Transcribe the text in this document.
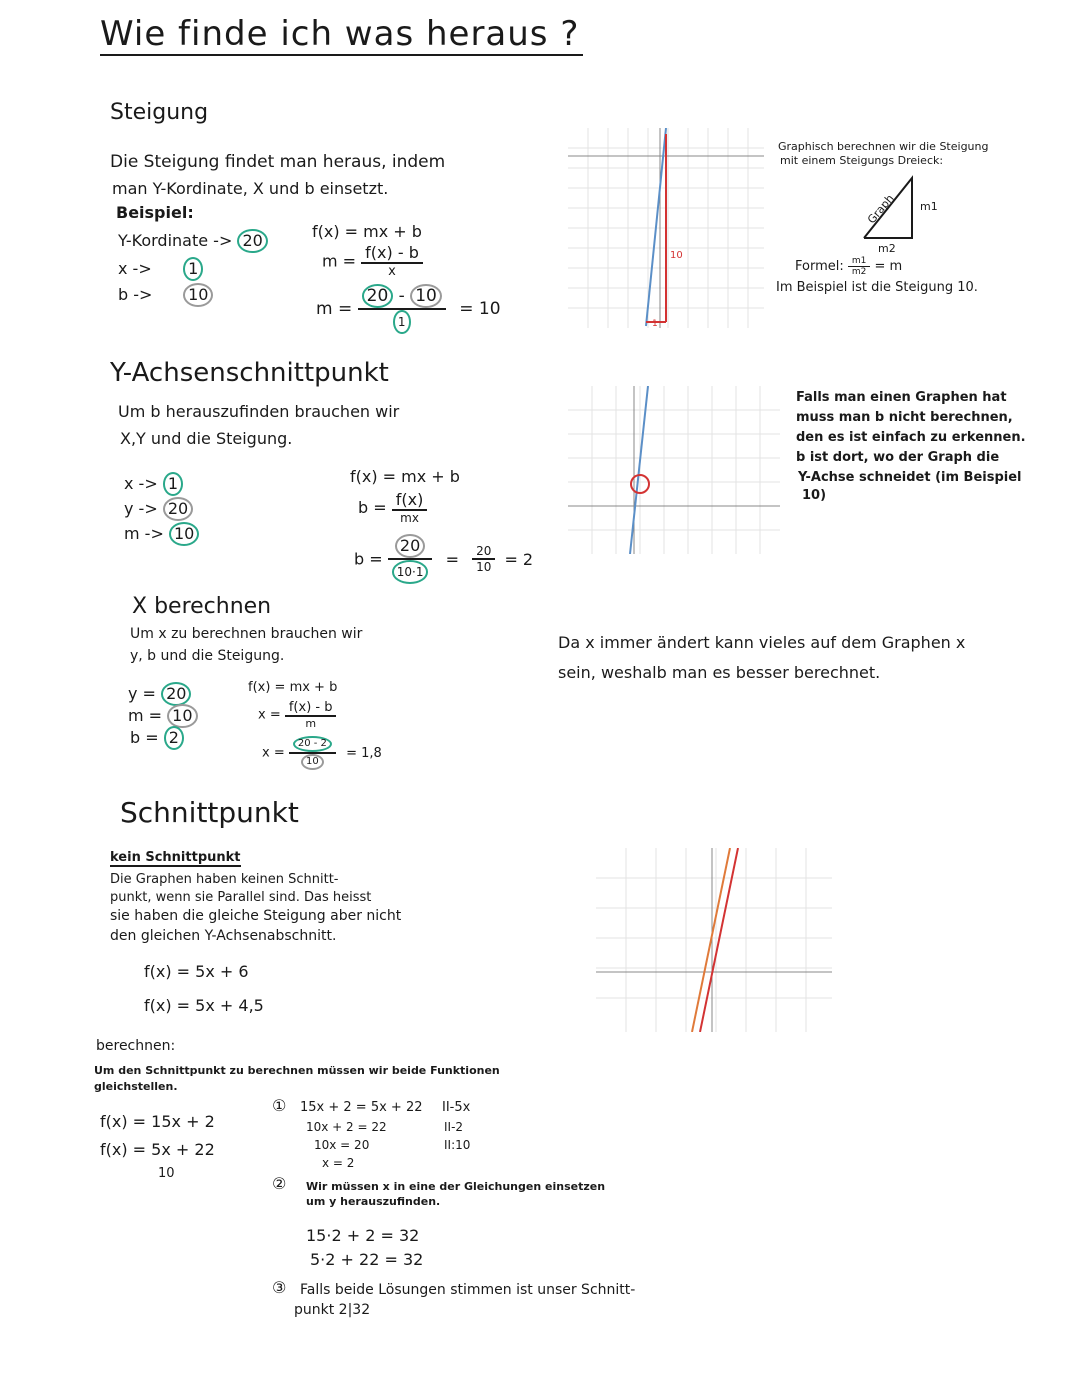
Wie finde ich was heraus ?
Steigung
Die Steigung findet man heraus, indem
man Y-Kordinate, X und b einsetzt.
Beispiel:
Y-Kordinate -> 20
x -> 1
b -> 10
f(x) = mx + b
$m = \frac{f(x) - b}{x}$
$m = \frac{20 - 10}{1} = 10$
10
1
Graphisch berechnen wir die Steigung
mit einem Steigungs Dreieck:
Graph m1
m2
Formel: $\frac{m1}{m2} = m$
Im Beispiel ist die Steigung 10.
Y-Achsenschnittpunkt
Um b herauszufinden brauchen wir
X,Y und die Steigung.
x -> 1
y -> 20
m -> 10
f(x) = mx + b
$b = \frac{f(x)}{mx}$
$b = \frac{20}{10\cdot 1} = \frac{20}{10} = 2$
Falls man einen Graphen hat
muss man b nicht berechnen,
den es ist einfach zu erkennen.
b ist dort, wo der Graph die
Y-Achse schneidet (im Beispiel
10)
X berechnen
Um x zu berechnen brauchen wir
y, b und die Steigung.
y = 20
m = 10
b = 2
f(x) = mx + b
$x = \frac{f(x) - b}{m}$
$x = \frac{20 - 2}{10} = 1,8$
Da x immer ändert kann vieles auf dem Graphen x sein, weshalb man es besser berechnet.
Schnittpunkt
kein Schnittpunkt
Die Graphen haben keinen Schnitt-
punkt, wenn sie Parallel sind. Das heisst
sie haben die gleiche Steigung aber nicht
den gleichen Y-Achsenabschnitt.
f(x) = 5x + 6
f(x) = 5x + 4,5
berechnen:
Um den Schnittpunkt zu berechnen müssen wir beide Funktionen
gleichstellen.
f(x) = 15x + 2
f(x) = 5x + 22
10
① 15x + 2 = 5x + 22 II-5x
10x + 2 = 22	II-2
10x = 20	II:10
x = 2
② Wir müssen x in eine der Gleichungen einsetzen
um y herauszufinden.
15·2 + 2 = 32
5·2 + 22 = 32
③ Falls beide Lösungen stimmen ist unser Schnitt-
punkt 2|32
